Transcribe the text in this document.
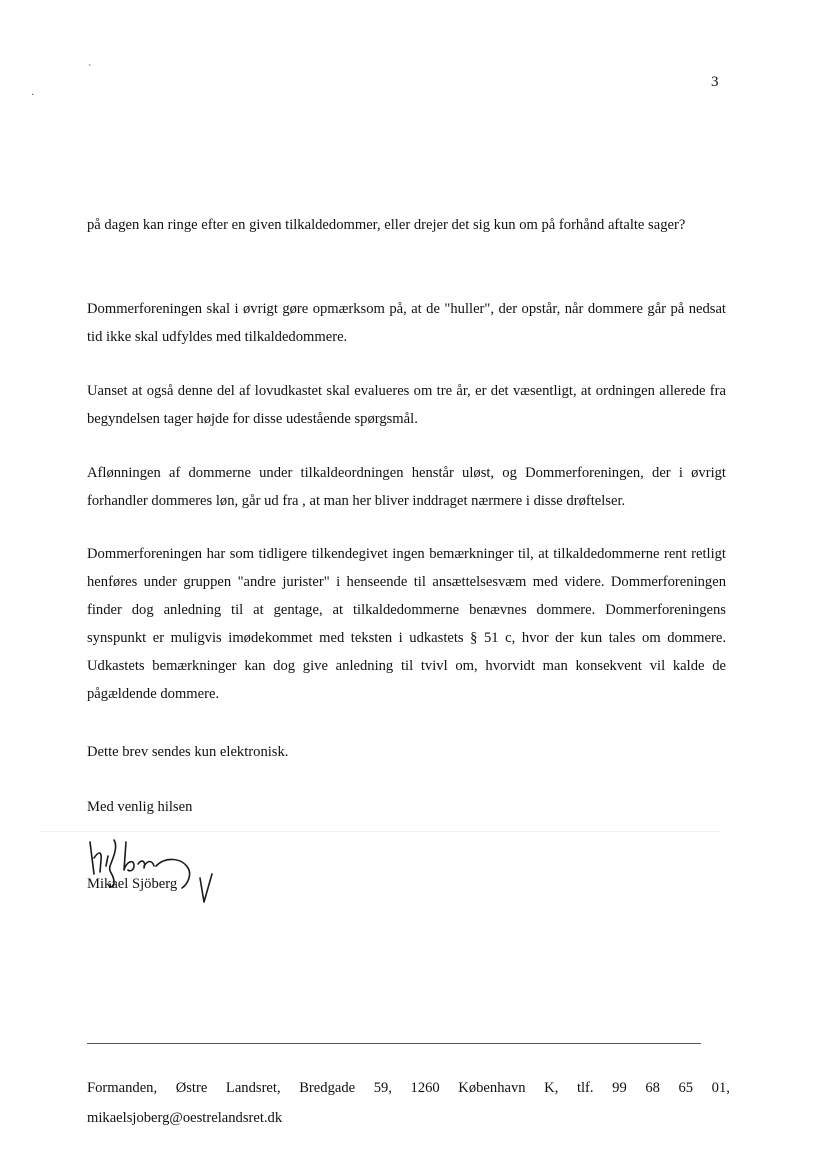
`
·
3

på dagen kan ringe efter en given tilkaldedommer, eller drejer det sig kun om på forhånd aftalte sager?

Dommerforeningen skal i øvrigt gøre opmærksom på, at de "huller", der opstår, når dommere går på nedsat tid ikke skal udfyldes med tilkaldedommere.

Uanset at også denne del af lovudkastet skal evalueres om tre år, er det væsentligt, at ordningen allerede fra begyndelsen tager højde for disse udestående spørgsmål.

Aflønningen af dommerne under tilkaldeordningen henstår uløst, og Dommerforeningen, der i øvrigt forhandler dommeres løn, går ud fra , at man her bliver inddraget nærmere i disse drøftelser.

Dommerforeningen har som tidligere tilkendegivet ingen bemærkninger til, at tilkaldedommerne rent retligt henføres under gruppen "andre jurister" i henseende til ansættelsesvæm med videre. Dommerforeningen finder dog anledning til at gentage, at tilkaldedommerne benævnes dommere. Dommerforeningens synspunkt er muligvis imødekommet med teksten i udkastets § 51 c, hvor der kun tales om dommere. Udkastets bemærkninger kan dog give anledning til tvivl om, hvorvidt man konsekvent vil kalde de pågældende dommere.

Dette brev sendes kun elektronisk.

Med venlig hilsen

Mikael Sjöberg
Formanden, Østre Landsret, Bredgade 59, 1260 København K, tlf. 99 68 65 01,
mikaelsjoberg@oestrelandsret.dk
